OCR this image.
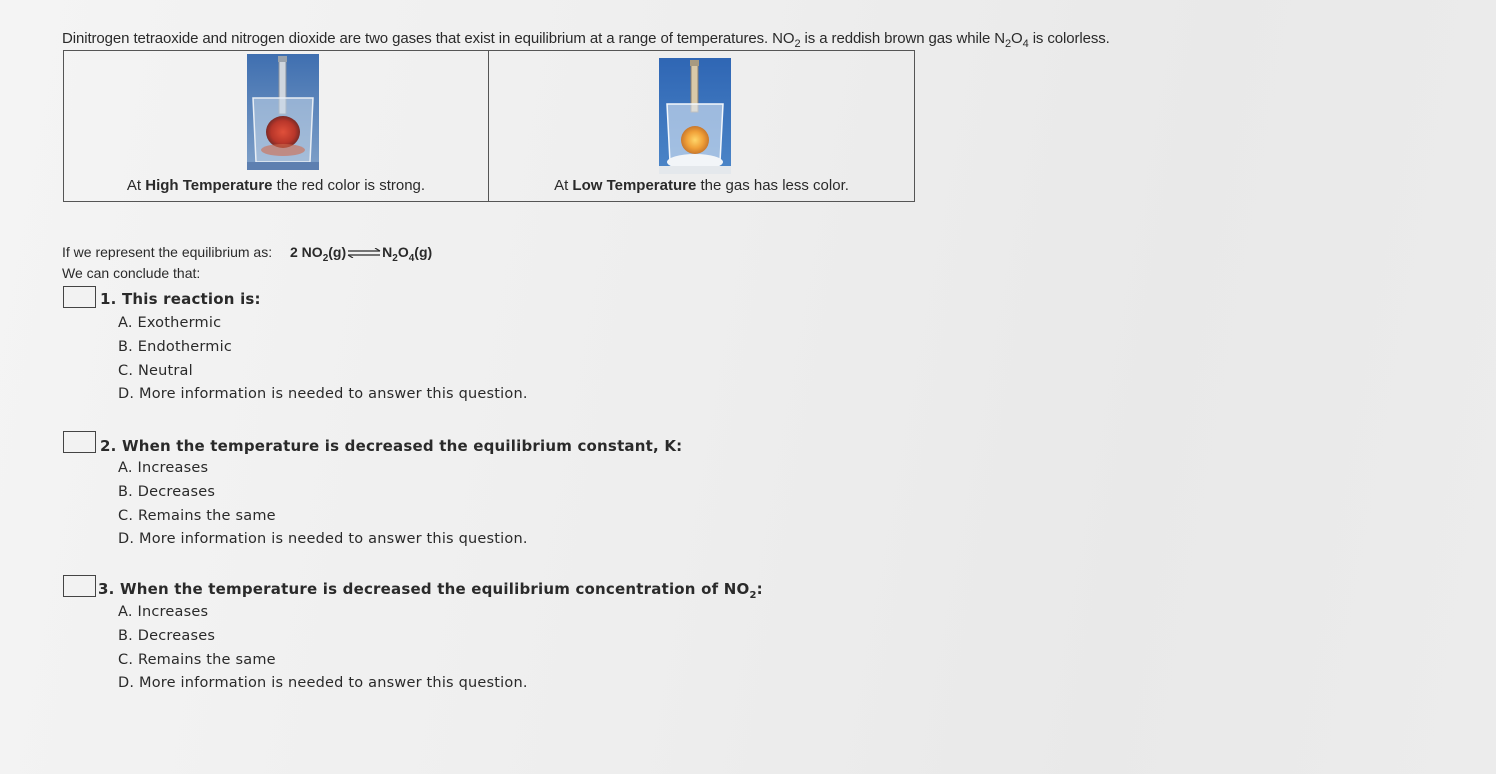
Dinitrogen tetraoxide and nitrogen dioxide are two gases that exist in equilibrium at a range of temperatures. $NO_2$ is a reddish brown gas while $N_2O_4$ is colorless.
At High Temperature the red color is strong.	At Low Temperature the gas has less color.
If we represent the equilibrium as: 2 $NO_2(g)\rightleftharpoons N_2O_4(g)$
We can conclude that:
1. This reaction is:
A. Exothermic
B. Endothermic
C. Neutral
D. More information is needed to answer this question.
2. When the temperature is decreased the equilibrium constant, K:
A. Increases
B. Decreases
C. Remains the same
D. More information is needed to answer this question.
3. When the temperature is decreased the equilibrium concentration of $NO_2$:
A. Increases
B. Decreases
C. Remains the same
D. More information is needed to answer this question.
